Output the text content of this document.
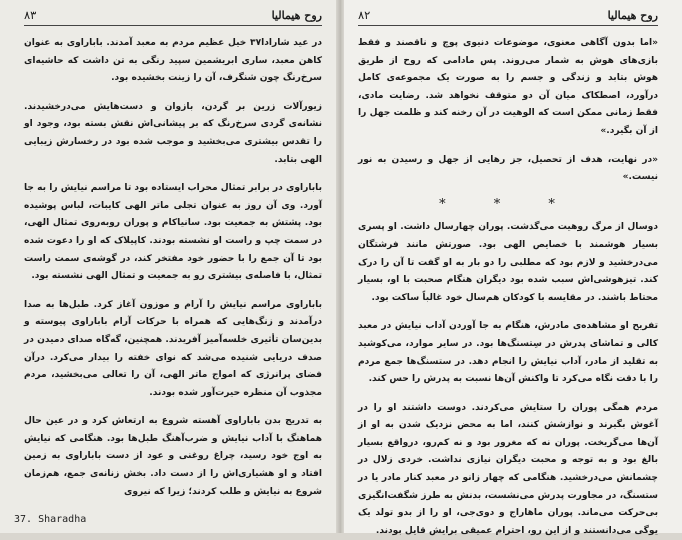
روح هیمالیا
۸۳

در عید شارادا۳۷ خیل عظیم مردم به معبد آمدند. باباراوی به عنوان کاهن معبد، ساری ابریشمین سپید رنگی به تن داشت که حاشیه‌ای سرخ‌رنگ چون شنگرف، آن را زینت بخشیده بود.

زیورآلات زرین بر گردن، بازوان و دست‌هایش می‌درخشیدند. نشانه‌ی گردی سرخ‌رنگ که بر پیشانی‌اش نقش بسته بود، وجود او را تقدس بیشتری می‌بخشید و موجب شده بود در رخسارش زیبایی الهی بتابد.

باباراوی در برابر تمثال محراب ایستاده بود تا مراسم نیایش را به جا آورد. وی آن روز به عنوان تجلی ماتر الهی کایبات، لباس پوشیده بود. پشتش به جمعیت بود. سانیاکام و پوران روبه‌روی تمثال الهی، در سمت چپ و راست او نشسته بودند. کاپیلاک که او را دعوت شده بود تا آن جمع را با حضور خود مفتخر کند، در گوشه‌ی سمت راست تمثال، با فاصله‌ی بیشتری رو به جمعیت و تمثال الهی نشسته بود.

باباراوی مراسم نیایش را آرام و موزون آغاز کرد. طبل‌ها به صدا درآمدند و زنگ‌هایی که همراه با حرکات آرام باباراوی پیوسته و بدین‌سان تأثیری خلسه‌آمیز آفریدند. همچنین، گه‌گاه صدای دمیدن در صدف دریایی شنیده می‌شد که نوای خفته را بیدار می‌کرد. درآن فضای پرانرژی که امواج ماتر الهی، آن را تعالی می‌بخشید، مردم مجذوب آن منظره حیرت‌آور شده بودند.

به تدریج بدن باباراوی آهسته شروع به ارتعاش کرد و در عین حال هماهنگ با آداب نیایش و ضرب‌آهنگ طبل‌ها بود. هنگامی که نیایش به اوج خود رسید، چراغ روغنی و عود از دست باباراوی به زمین افتاد و او هشیاری‌اش را از دست داد. بخش زنانه‌ی جمع، هم‌زمان شروع به نیایش و طلب کردند؛ زیرا که نیروی

37. Sharadha
روح هیمالیا
۸۲

«اما بدون آگاهی معنوی، موضوعات دنیوی پوچ و ناقصند و فقط بازی‌های هوش به شمار می‌روند. پس مادامی که روح از طریق هوش بتابد و زندگی و جسم را به صورت یک مجموعه‌ی کامل درآورد، اصطکاک میان آن دو متوقف نخواهد شد. رضایت مادی، فقط زمانی ممکن است که الوهیت در آن رخنه کند و ظلمت جهل را از آن بگیرد.»

«در نهایت، هدف از تحصیل، جز رهایی از جهل و رسیدن به نور نیست.»

* * *

دوسال از مرگ روهیت می‌گذشت. پوران چهارسال داشت. او پسری بسیار هوشمند با خصایص الهی بود. صورتش مانند فرشتگان می‌درخشید و لازم بود که مطلبی را دو بار به او گفت تا آن را درک کند. تیزهوشی‌اش سبب شده بود دیگران هنگام صحبت با او، بسیار محتاط باشند. در مقایسه با کودکان هم‌سال خود غالباً ساکت بود.

تفریح او مشاهده‌ی مادرش، هنگام به جا آوردن آداب نیایش در معبد کالی و تماشای پدرش در سِتسنگ‌ها بود. در سایر موارد، می‌کوشید به تقلید از مادر، آداب نیایش را انجام دهد. در ستسنگ‌ها جمع مردم را با دقت نگاه می‌کرد تا واکنش آن‌ها نسبت به پدرش را حس کند.

مردم همگی پوران را ستایش می‌کردند. دوست داشتند او را در آغوش بگیرند و نوازشش کنند، اما به محض نزدیک شدن به او از آن‌ها می‌گریخت. پوران نه که مغرور بود و نه کم‌رو، درواقع بسیار بالغ بود و به توجه و محبت دیگران نیازی نداشت. خردی زلال در چشمانش می‌درخشید. هنگامی که چهار زانو در معبد کنار مادر یا در ستسنگ، در مجاورت پدرش می‌نشست، بدنش به طرز شگفت‌انگیزی بی‌حرکت می‌ماند. پوران ماهاراج و دوی‌جی، او را از بدو تولد یک یوگی می‌دانستند و از این رو، احترام عمیقی برایش قایل بودند.
